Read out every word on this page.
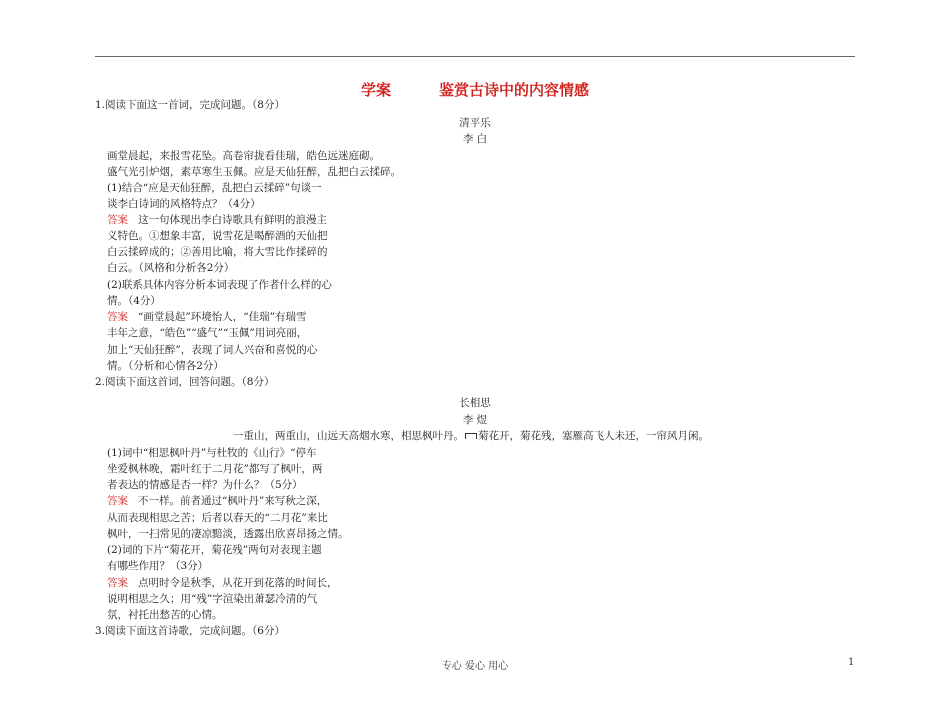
学案	鉴赏古诗中的内容情感
1.阅读下面这一首词，完成问题。（8分）
清平乐
李 白
画堂晨起，来报雪花坠。高卷帘拢看佳瑞，皓色远迷庭砌。
盛气光引炉烟，素草寒生玉佩。应是天仙狂醉，乱把白云揉碎。
(1)结合“应是天仙狂醉，乱把白云揉碎”句谈一
谈李白诗词的风格特点？（4分）
答案 这一句体现出李白诗歌具有鲜明的浪漫主
义特色。①想象丰富，说雪花是喝醉酒的天仙把
白云揉碎成的；②善用比喻，将大雪比作揉碎的
白云。（风格和分析各2分）
(2)联系具体内容分析本词表现了作者什么样的心
情。（4分）
答案 “画堂晨起”环境怡人，“佳瑞”有瑞雪
丰年之意，“皓色”“盛气”“玉佩”用词亮丽，
加上“天仙狂醉”，表现了词人兴奋和喜悦的心
情。（分析和心情各2分）
2.阅读下面这首词，回答问题。（8分）
长相思
李 煜
一重山，两重山，山远天高烟水寒，相思枫叶丹。 菊花开，菊花残，塞雁高飞人未还，一帘风月闲。
(1)词中“相思枫叶丹”与杜牧的《山行》“停车
坐爱枫林晚，霜叶红于二月花”都写了枫叶，两
者表达的情感是否一样？为什么？（5分）
答案 不一样。前者通过“枫叶丹”来写秋之深，
从而表现相思之苦；后者以春天的“二月花”来比
枫叶，一扫常见的凄凉黯淡，透露出欣喜昂扬之情。
(2)词的下片“菊花开，菊花残”两句对表现主题
有哪些作用？（3分）
答案 点明时令是秋季，从花开到花落的时间长，
说明相思之久；用“残”字渲染出萧瑟冷清的气
氛，衬托出愁苦的心情。
3.阅读下面这首诗歌，完成问题。（6分）
专心 爱心 用心	1
